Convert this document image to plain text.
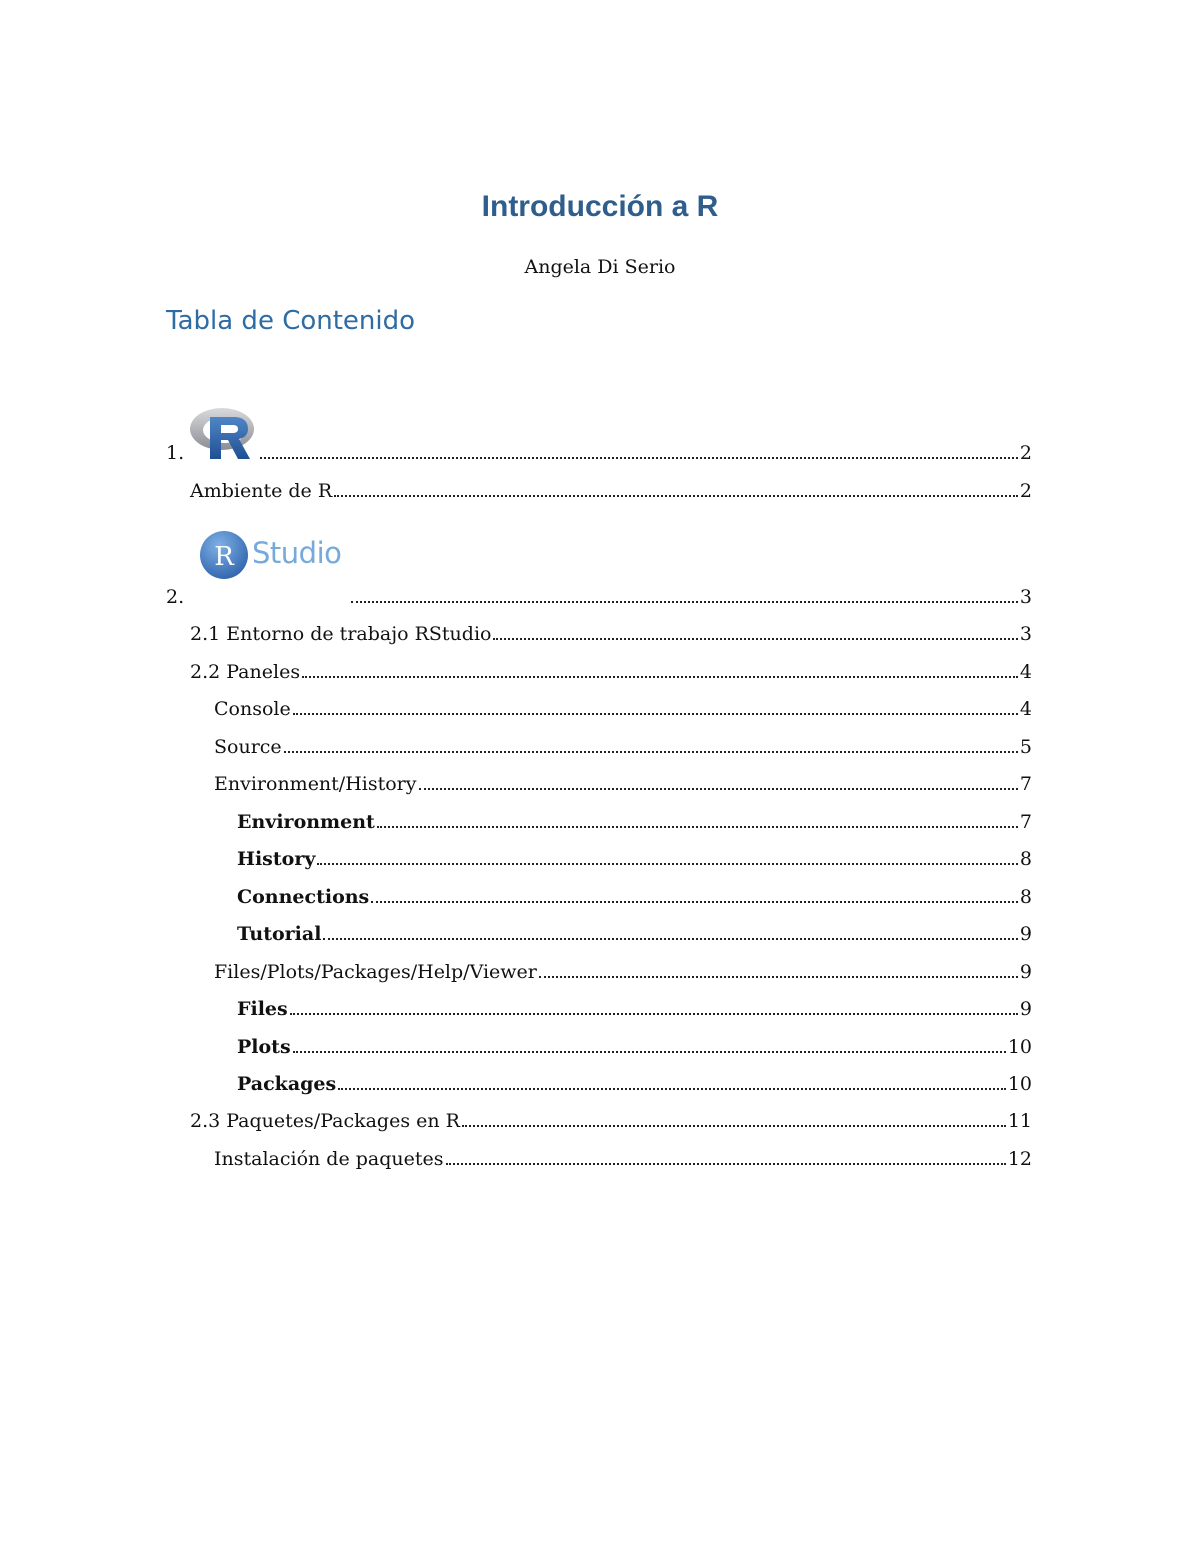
Introducción a R
Angela Di Serio
Tabla de Contenido
R Studio
1.	2
Ambiente de R	2
2.	3
2.1 Entorno de trabajo RStudio	3
2.2 Paneles	4
Console	4
Source	5
Environment/History	7
Environment	7
History	8
Connections	8
Tutorial	9
Files/Plots/Packages/Help/Viewer	9
Files	9
Plots	10
Packages	10
2.3 Paquetes/Packages en R	11
Instalación de paquetes	12
